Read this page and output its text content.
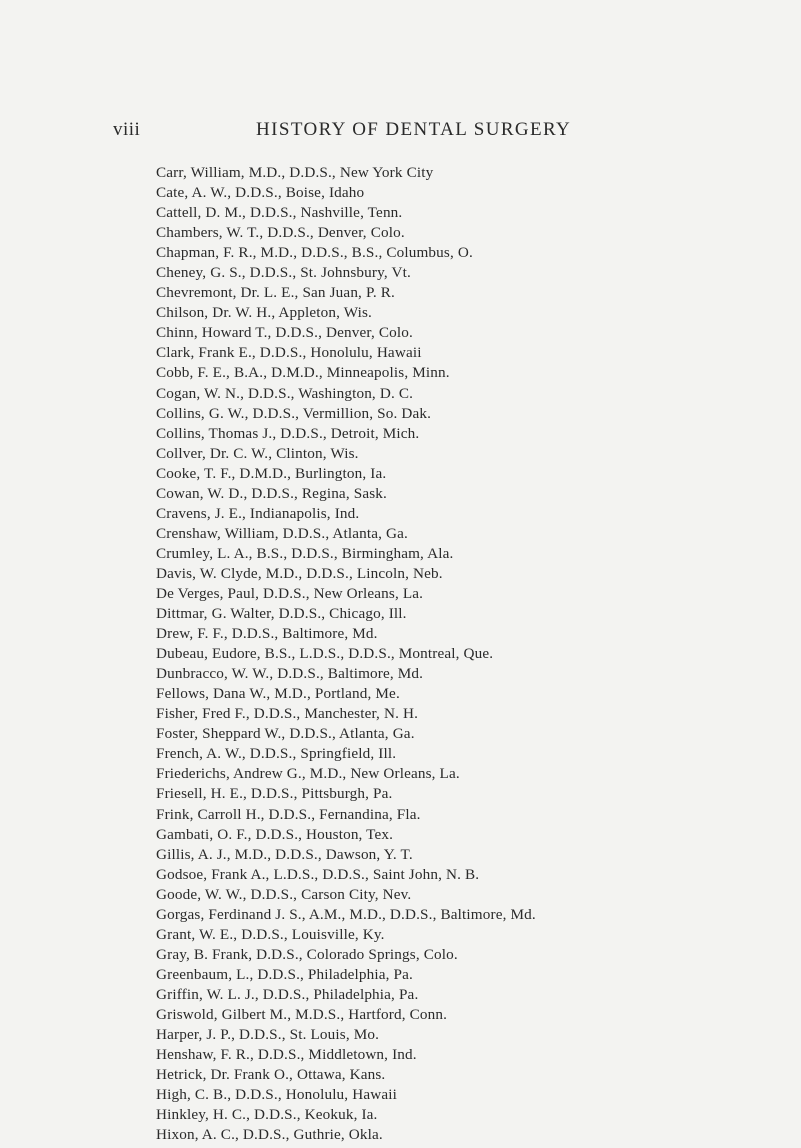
viii	HISTORY OF DENTAL SURGERY
Carr, William, M.D., D.D.S., New York City
Cate, A. W., D.D.S., Boise, Idaho
Cattell, D. M., D.D.S., Nashville, Tenn.
Chambers, W. T., D.D.S., Denver, Colo.
Chapman, F. R., M.D., D.D.S., B.S., Columbus, O.
Cheney, G. S., D.D.S., St. Johnsbury, Vt.
Chevremont, Dr. L. E., San Juan, P. R.
Chilson, Dr. W. H., Appleton, Wis.
Chinn, Howard T., D.D.S., Denver, Colo.
Clark, Frank E., D.D.S., Honolulu, Hawaii
Cobb, F. E., B.A., D.M.D., Minneapolis, Minn.
Cogan, W. N., D.D.S., Washington, D. C.
Collins, G. W., D.D.S., Vermillion, So. Dak.
Collins, Thomas J., D.D.S., Detroit, Mich.
Collver, Dr. C. W., Clinton, Wis.
Cooke, T. F., D.M.D., Burlington, Ia.
Cowan, W. D., D.D.S., Regina, Sask.
Cravens, J. E., Indianapolis, Ind.
Crenshaw, William, D.D.S., Atlanta, Ga.
Crumley, L. A., B.S., D.D.S., Birmingham, Ala.
Davis, W. Clyde, M.D., D.D.S., Lincoln, Neb.
De Verges, Paul, D.D.S., New Orleans, La.
Dittmar, G. Walter, D.D.S., Chicago, Ill.
Drew, F. F., D.D.S., Baltimore, Md.
Dubeau, Eudore, B.S., L.D.S., D.D.S., Montreal, Que.
Dunbracco, W. W., D.D.S., Baltimore, Md.
Fellows, Dana W., M.D., Portland, Me.
Fisher, Fred F., D.D.S., Manchester, N. H.
Foster, Sheppard W., D.D.S., Atlanta, Ga.
French, A. W., D.D.S., Springfield, Ill.
Friederichs, Andrew G., M.D., New Orleans, La.
Friesell, H. E., D.D.S., Pittsburgh, Pa.
Frink, Carroll H., D.D.S., Fernandina, Fla.
Gambati, O. F., D.D.S., Houston, Tex.
Gillis, A. J., M.D., D.D.S., Dawson, Y. T.
Godsoe, Frank A., L.D.S., D.D.S., Saint John, N. B.
Goode, W. W., D.D.S., Carson City, Nev.
Gorgas, Ferdinand J. S., A.M., M.D., D.D.S., Baltimore, Md.
Grant, W. E., D.D.S., Louisville, Ky.
Gray, B. Frank, D.D.S., Colorado Springs, Colo.
Greenbaum, L., D.D.S., Philadelphia, Pa.
Griffin, W. L. J., D.D.S., Philadelphia, Pa.
Griswold, Gilbert M., M.D.S., Hartford, Conn.
Harper, J. P., D.D.S., St. Louis, Mo.
Henshaw, F. R., D.D.S., Middletown, Ind.
Hetrick, Dr. Frank O., Ottawa, Kans.
High, C. B., D.D.S., Honolulu, Hawaii
Hinkley, H. C., D.D.S., Keokuk, Ia.
Hixon, A. C., D.D.S., Guthrie, Okla.
